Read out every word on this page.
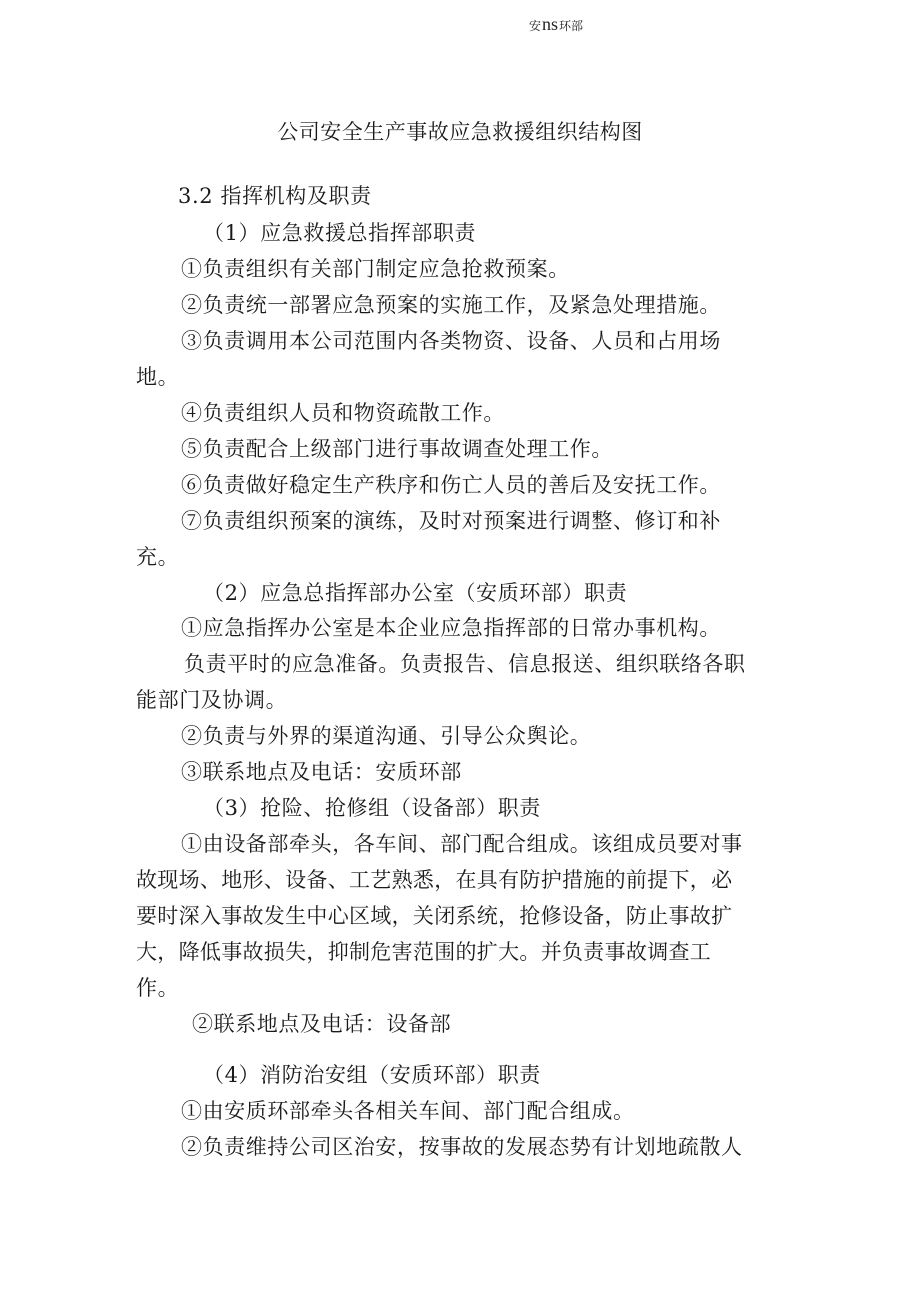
安ns环部
公司安全生产事故应急救援组织结构图
3.2 指挥机构及职责
（1）应急救援总指挥部职责
①负责组织有关部门制定应急抢救预案。
②负责统一部署应急预案的实施工作，及紧急处理措施。
③负责调用本公司范围内各类物资、设备、人员和占用场
地。
④负责组织人员和物资疏散工作。
⑤负责配合上级部门进行事故调查处理工作。
⑥负责做好稳定生产秩序和伤亡人员的善后及安抚工作。
⑦负责组织预案的演练，及时对预案进行调整、修订和补
充。
（2）应急总指挥部办公室（安质环部）职责
①应急指挥办公室是本企业应急指挥部的日常办事机构。
负责平时的应急准备。负责报告、信息报送、组织联络各职
能部门及协调。
②负责与外界的渠道沟通、引导公众舆论。
③联系地点及电话：安质环部
（3）抢险、抢修组（设备部）职责
①由设备部牵头，各车间、部门配合组成。该组成员要对事
故现场、地形、设备、工艺熟悉，在具有防护措施的前提下，必
要时深入事故发生中心区域，关闭系统，抢修设备，防止事故扩
大，降低事故损失，抑制危害范围的扩大。并负责事故调查工
作。
②联系地点及电话：设备部
（4）消防治安组（安质环部）职责
①由安质环部牵头各相关车间、部门配合组成。
②负责维持公司区治安，按事故的发展态势有计划地疏散人
